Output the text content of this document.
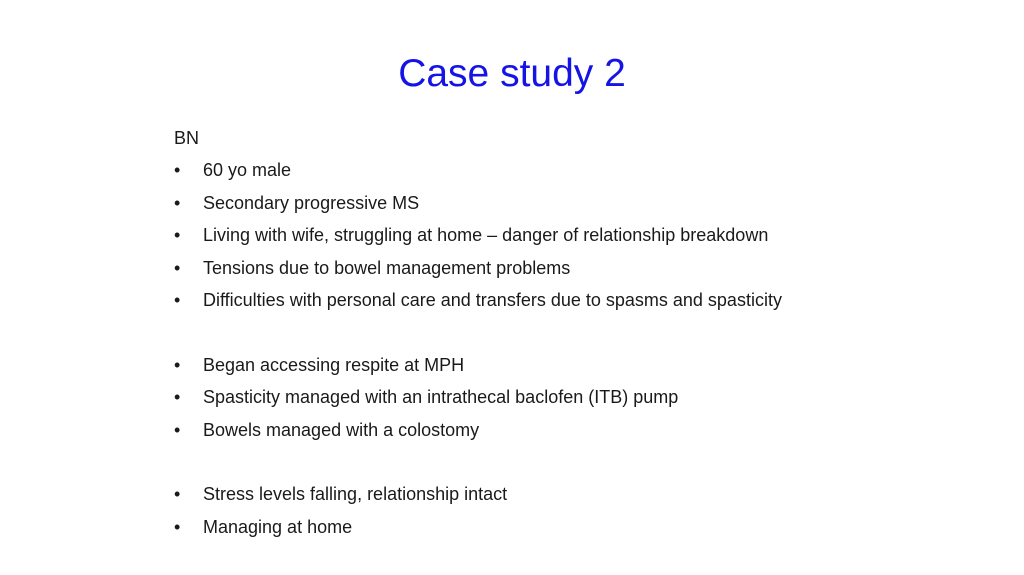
Case study 2
BN
•	60 yo male
•	Secondary progressive MS
•	Living with wife, struggling at home – danger of relationship breakdown
•	Tensions due to bowel management problems
•	Difficulties with personal care and transfers due to spasms and spasticity
•	Began accessing respite at MPH
•	Spasticity managed with an intrathecal baclofen (ITB) pump
•	Bowels managed with a colostomy
•	Stress levels falling, relationship intact
•	Managing at home
